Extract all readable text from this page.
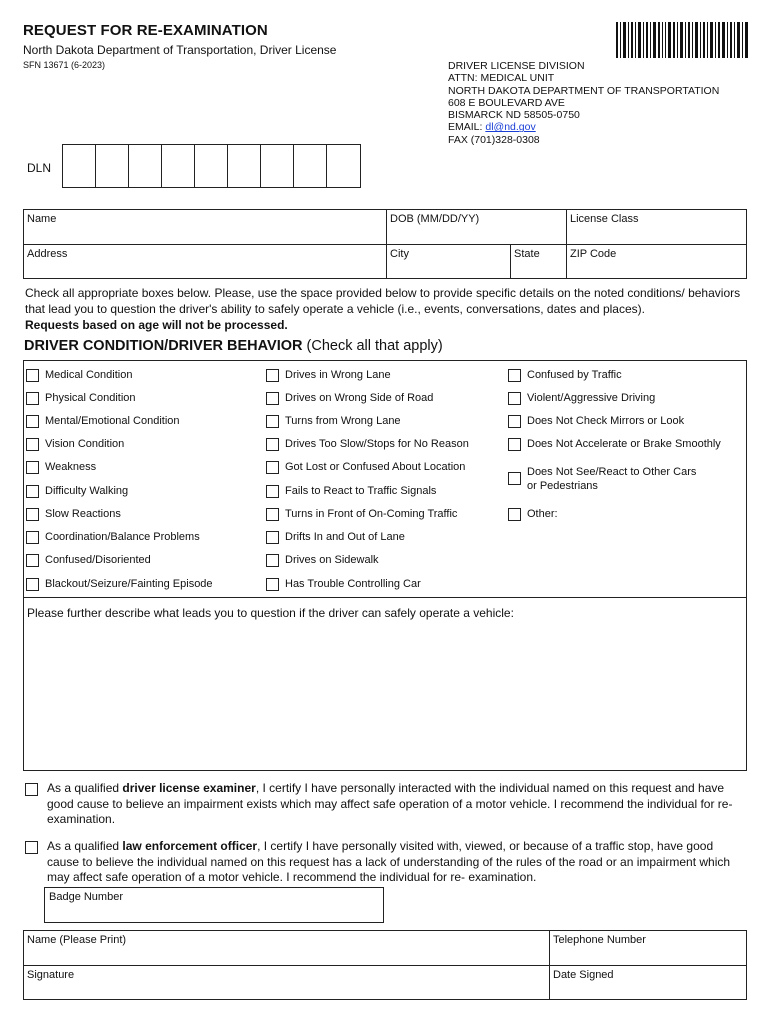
REQUEST FOR RE-EXAMINATION
North Dakota Department of Transportation, Driver License
SFN 13671 (6-2023)	DRIVER LICENSE DIVISION
ATTN: MEDICAL UNIT
NORTH DAKOTA DEPARTMENT OF TRANSPORTATION
608 E BOULEVARD AVE
BISMARCK ND 58505-0750
EMAIL: dl@nd.gov
FAX (701)328-0308
DLN
Name	DOB (MM/DD/YY)	License Class
Address	City	State	ZIP Code
Check all appropriate boxes below. Please, use the space provided below to provide specific details on the noted conditions/ behaviors that lead you to question the driver's ability to safely operate a vehicle (i.e., events, conversations, dates and places).
Requests based on age will not be processed.
DRIVER CONDITION/DRIVER BEHAVIOR (Check all that apply)
Medical Condition
Physical Condition
Mental/Emotional Condition
Vision Condition
Weakness
Difficulty Walking
Slow Reactions
Coordination/Balance Problems
Confused/Disoriented
Blackout/Seizure/Fainting Episode
Drives in Wrong Lane
Drives on Wrong Side of Road
Turns from Wrong Lane
Drives Too Slow/Stops for No Reason
Got Lost or Confused About Location
Fails to React to Traffic Signals
Turns in Front of On-Coming Traffic
Drifts In and Out of Lane
Drives on Sidewalk
Has Trouble Controlling Car
Confused by Traffic
Violent/Aggressive Driving
Does Not Check Mirrors or Look
Does Not Accelerate or Brake Smoothly
Does Not See/React to Other Cars
or Pedestrians
Other:
Please further describe what leads you to question if the driver can safely operate a vehicle:
As a qualified driver license examiner, I certify I have personally interacted with the individual named on this request and have good cause to believe an impairment exists which may affect safe operation of a motor vehicle. I recommend the individual for re-examination.
As a qualified law enforcement officer, I certify I have personally visited with, viewed, or because of a traffic stop, have good cause to believe the individual named on this request has a lack of understanding of the rules of the road or an impairment which may affect safe operation of a motor vehicle. I recommend the individual for re- examination.
Badge Number
Name (Please Print)	Telephone Number
Signature	Date Signed
